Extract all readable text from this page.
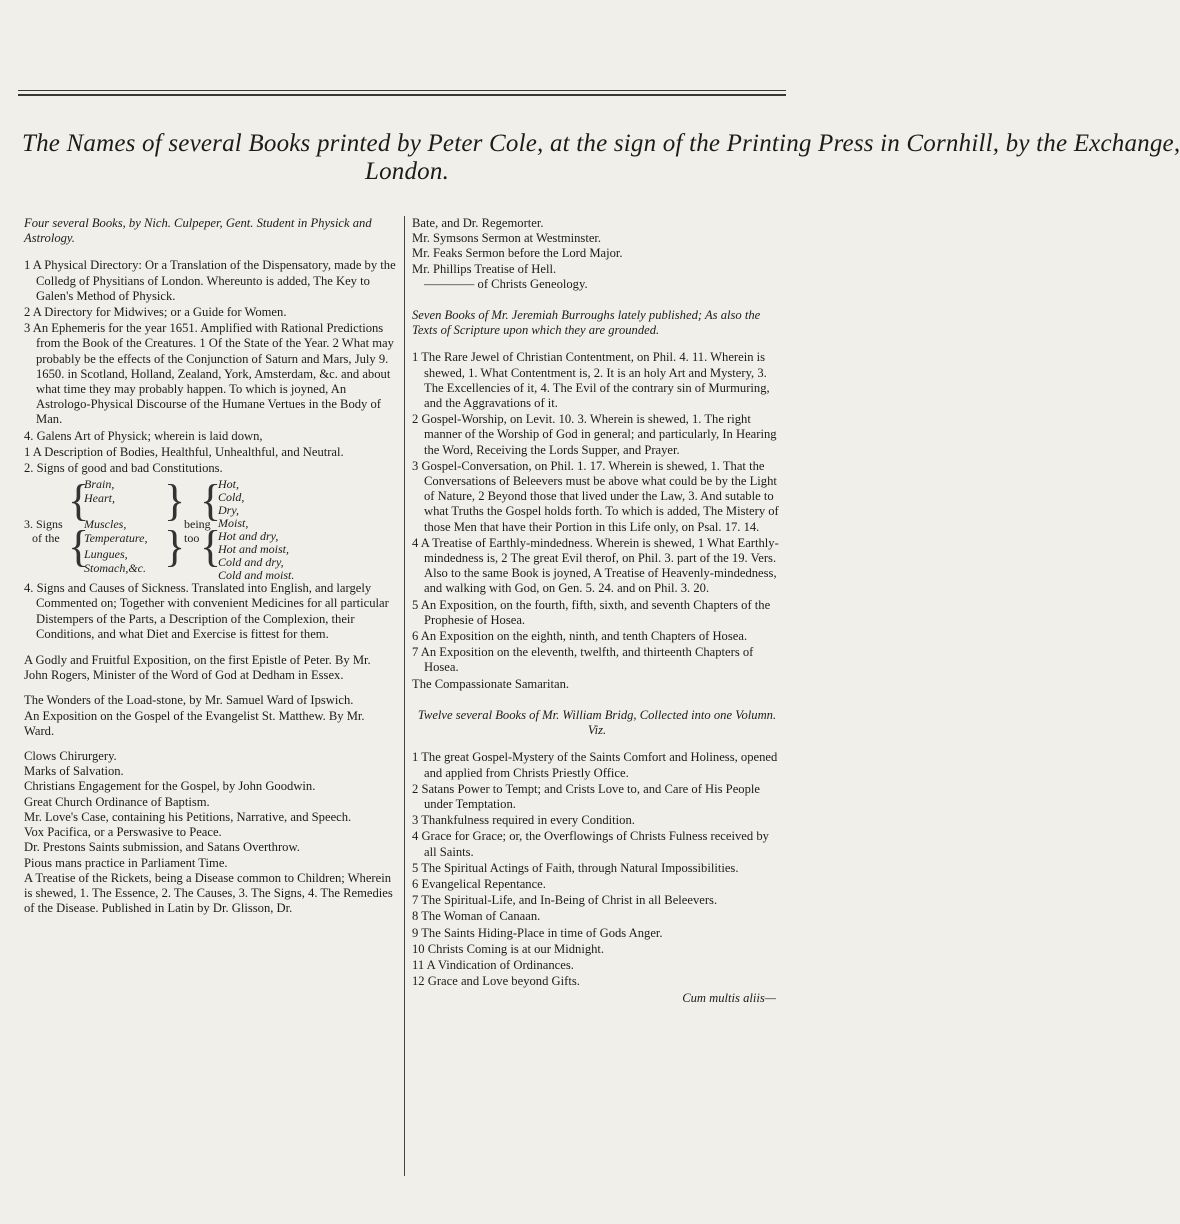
The Names of several Books printed by Peter Cole, at the sign of the Printing Press in Cornhill, by the Exchange,
London.

Four several Books, by Nich. Culpeper, Gent. Student in Physick and Astrology.

1 A Physical Directory: Or a Translation of the Dispensatory, made by the Colledg of Physitians of London. Whereunto is added, The Key to Galen's Method of Physick.

2 A Directory for Midwives; or a Guide for Women.

3 An Ephemeris for the year 1651. Amplified with Rational Predictions from the Book of the Creatures. 1 Of the State of the Year. 2 What may probably be the effects of the Conjunction of Saturn and Mars, July 9. 1650. in Scotland, Holland, Zealand, York, Amsterdam, &c. and about what time they may probably happen. To which is joyned, An Astrologo-Physical Discourse of the Humane Vertues in the Body of Man.

4. Galens Art of Physick; wherein is laid down,

1 A Description of Bodies, Healthful, Unhealthful, and Neutral.

2. Signs of good and bad Constitutions.

3. Signs
of the
{
{
Brain,
Heart,
Muscles,
Temperature,
Lungues,
Stomach,&c.
}
}
being
too
{
{
Hot,
Cold,
Dry,
Moist,
Hot and dry,
Hot and moist,
Cold and dry,
Cold and moist.

4. Signs and Causes of Sickness. Translated into English, and largely Commented on; Together with convenient Medicines for all particular Distempers of the Parts, a Description of the Complexion, their Conditions, and what Diet and Exercise is fittest for them.

A Godly and Fruitful Exposition, on the first Epistle of Peter. By Mr. John Rogers, Minister of the Word of God at Dedham in Essex.

The Wonders of the Load-stone, by Mr. Samuel Ward of Ipswich.

An Exposition on the Gospel of the Evangelist St. Matthew. By Mr. Ward.

Clows Chirurgery.

Marks of Salvation.

Christians Engagement for the Gospel, by John Goodwin.

Great Church Ordinance of Baptism.

Mr. Love's Case, containing his Petitions, Narrative, and Speech.

Vox Pacifica, or a Perswasive to Peace.

Dr. Prestons Saints submission, and Satans Overthrow.

Pious mans practice in Parliament Time.

A Treatise of the Rickets, being a Disease common to Children; Wherein is shewed, 1. The Essence, 2. The Causes, 3. The Signs, 4. The Remedies of the Disease. Published in Latin by Dr. Glisson, Dr.

Bate, and Dr. Regemorter.

Mr. Symsons Sermon at Westminster.

Mr. Feaks Sermon before the Lord Major.

Mr. Phillips Treatise of Hell.

———— of Christs Geneology.

Seven Books of Mr. Jeremiah Burroughs lately published; As also the Texts of Scripture upon which they are grounded.

1 The Rare Jewel of Christian Contentment, on Phil. 4. 11. Wherein is shewed, 1. What Contentment is, 2. It is an holy Art and Mystery, 3. The Excellencies of it, 4. The Evil of the contrary sin of Murmuring, and the Aggravations of it.

2 Gospel-Worship, on Levit. 10. 3. Wherein is shewed, 1. The right manner of the Worship of God in general; and particularly, In Hearing the Word, Receiving the Lords Supper, and Prayer.

3 Gospel-Conversation, on Phil. 1. 17. Wherein is shewed, 1. That the Conversations of Beleevers must be above what could be by the Light of Nature, 2 Beyond those that lived under the Law, 3. And sutable to what Truths the Gospel holds forth. To which is added, The Mistery of those Men that have their Portion in this Life only, on Psal. 17. 14.

4 A Treatise of Earthly-mindedness. Wherein is shewed, 1 What Earthly-mindedness is, 2 The great Evil therof, on Phil. 3. part of the 19. Vers. Also to the same Book is joyned, A Treatise of Heavenly-mindedness, and walking with God, on Gen. 5. 24. and on Phil. 3. 20.

5 An Exposition, on the fourth, fifth, sixth, and seventh Chapters of the Prophesie of Hosea.

6 An Exposition on the eighth, ninth, and tenth Chapters of Hosea.

7 An Exposition on the eleventh, twelfth, and thirteenth Chapters of Hosea.

The Compassionate Samaritan.

Twelve several Books of Mr. William Bridg, Collected into one Volumn. Viz.

1 The great Gospel-Mystery of the Saints Comfort and Holiness, opened and applied from Christs Priestly Office.

2 Satans Power to Tempt; and Crists Love to, and Care of His People under Temptation.

3 Thankfulness required in every Condition.

4 Grace for Grace; or, the Overflowings of Christs Fulness received by all Saints.

5 The Spiritual Actings of Faith, through Natural Impossibilities.

6 Evangelical Repentance.

7 The Spiritual-Life, and In-Being of Christ in all Beleevers.

8 The Woman of Canaan.

9 The Saints Hiding-Place in time of Gods Anger.

10 Christs Coming is at our Midnight.

11 A Vindication of Ordinances.

12 Grace and Love beyond Gifts.

Cum multis aliis—
